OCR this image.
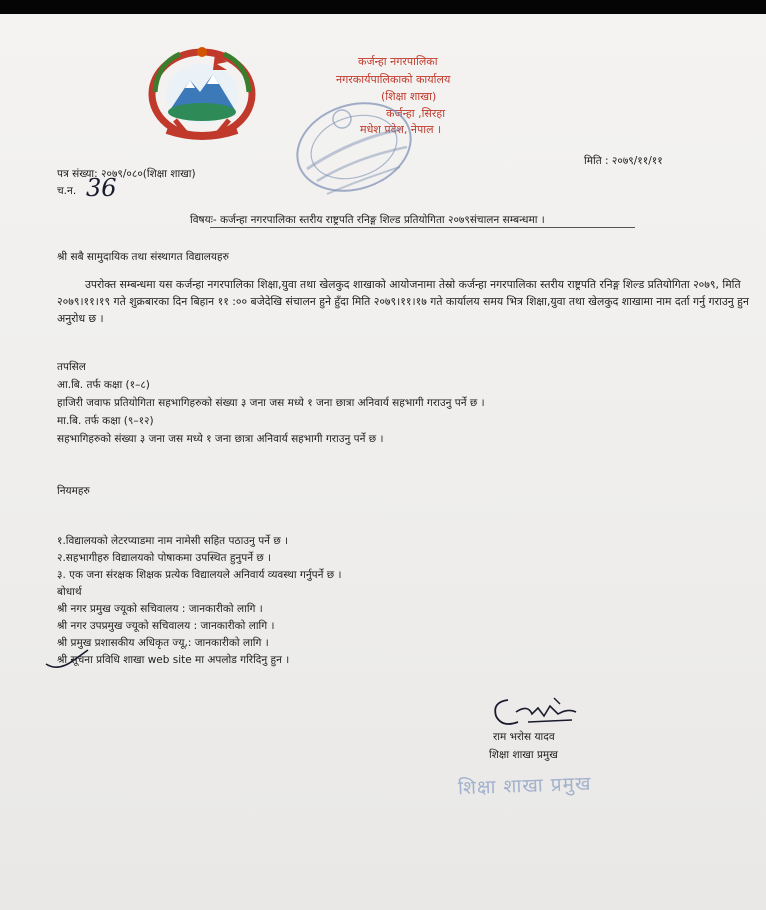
कर्जन्हा नगरपालिका
नगरकार्यपालिकाको कार्यालय
(शिक्षा शाखा)
कर्जन्हा ,सिरहा
मधेश प्रदेश, नेपाल ।
पत्र संख्या: २०७९/०८०(शिक्षा शाखा)
च.न. 36
मिति : २०७९/११/११
विषयः- कर्जन्हा नगरपालिका स्तरीय राष्ट्रपति रनिङ्ग शिल्ड प्रतियोगिता २०७९संचालन सम्बन्धमा ।
श्री सबै सामुदायिक तथा संस्थागत विद्यालयहरु
उपरोक्त सम्बन्धमा यस कर्जन्हा नगरपालिका शिक्षा,युवा तथा खेलकुद शाखाको आयोजनामा तेस्रो कर्जन्हा नगरपालिका स्तरीय राष्ट्रपति रनिङ्ग शिल्ड प्रतियोगिता २०७९, मिति २०७९।११।१९ गते शुक्रबारका दिन बिहान ११ :०० बजेदेखि संचालन हुने हुँदा मिति २०७९।११।१७ गते कार्यालय समय भित्र शिक्षा,युवा तथा खेलकुद शाखामा नाम दर्ता गर्नु गराउनु हुन अनुरोध छ ।
तपसिल
आ.बि. तर्फ कक्षा (१–८)
हाजिरी जवाफ प्रतियोगिता सहभागिहरुको संख्या ३ जना जस मध्ये १ जना छात्रा अनिवार्य सहभागी गराउनु पर्ने छ ।
मा.बि. तर्फ कक्षा (९–१२)
सहभागिहरुको संख्या ३ जना जस मध्ये १ जना छात्रा अनिवार्य सहभागी गराउनु पर्ने छ ।
नियमहरु
१.विद्यालयको लेटरप्याडमा नाम नामेसी सहित पठाउनु पर्ने छ ।
२.सहभागीहरु विद्यालयको पोषाकमा उपस्थित हुनुपर्ने छ ।
३. एक जना संरक्षक शिक्षक प्रत्येक विद्यालयले अनिवार्य व्यवस्था गर्नुपर्ने छ ।
बोधार्थ
श्री नगर प्रमुख ज्यूको सचिवालय : जानकारीको लागि ।
श्री नगर उपप्रमुख ज्यूको सचिवालय : जानकारीको लागि ।
श्री प्रमुख प्रशासकीय अधिकृत ज्यू,: जानकारीको लागि ।
श्री सूचना प्रविधि शाखा web site मा अपलोड गरिदिनु हुन ।
राम भरोस यादव
शिक्षा शाखा प्रमुख
शिक्षा शाखा प्रमुख
